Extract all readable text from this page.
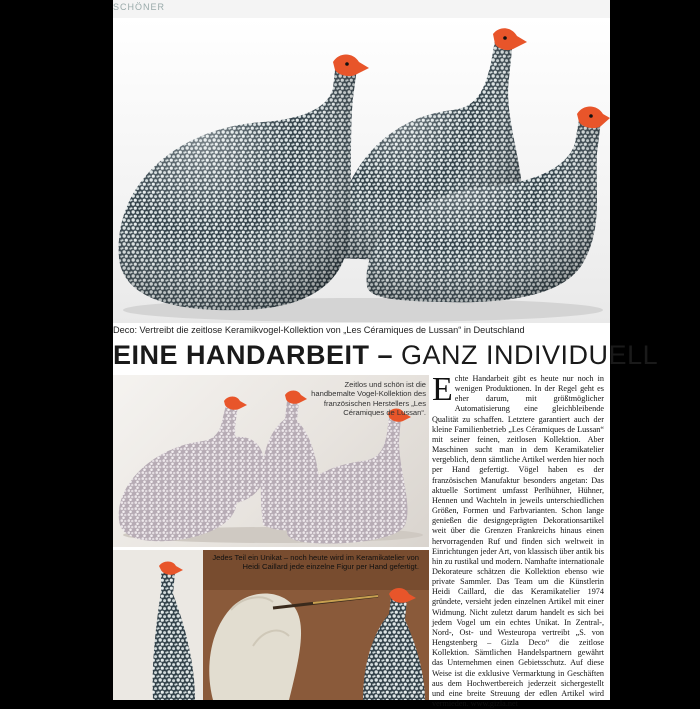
SCHÖNER
Deco: Vertreibt die zeitlose Keramikvogel-Kollektion von „Les Céramiques de Lussan“ in Deutschland
EINE HANDARBEIT – GANZ INDIVIDUELL
Zeitlos und schön ist die handbemalte Vogel-Kollektion des französischen Herstellers „Les Céramiques de Lussan“.
Jedes Teil ein Unikat – noch heute wird im Keramikatelier von Heidi Caillard jede einzelne Figur per Hand gefertigt.
Echte Handarbeit gibt es heute nur noch in wenigen Produktionen. In der Regel geht es eher darum, mit größtmöglicher Automatisierung eine gleichbleibende Qualität zu schaffen. Letztere garantiert auch der kleine Familienbetrieb „Les Céramiques de Lussan“ mit seiner feinen, zeitlosen Kollektion. Aber Maschinen sucht man in dem Keramikatelier vergeblich, denn sämtliche Artikel werden hier noch per Hand gefertigt. Vögel haben es der französischen Manufaktur besonders angetan: Das aktuelle Sortiment umfasst Perlhühner, Hühner, Hennen und Wachteln in jeweils unterschiedlichen Größen, Formen und Farbvarianten. Schon lange genießen die designgeprägten Dekorationsartikel weit über die Grenzen Frankreichs hinaus einen hervorragenden Ruf und finden sich weltweit in Einrichtungen jeder Art, von klassisch über antik bis hin zu rustikal und modern. Namhafte internationale Dekorateure schätzen die Kollektion ebenso wie private Sammler. Das Team um die Künstlerin Heidi Caillard, die das Keramikatelier 1974 gründete, versieht jeden einzelnen Artikel mit einer Widmung. Nicht zuletzt darum handelt es sich bei jedem Vogel um ein echtes Unikat. In Zentral-, Nord-, Ost- und Westeuropa vertreibt „S. von Hengstenberg – Gizla Deco“ die zeitlose Kollektion. Sämtlichen Handelspartnern gewährt das Unternehmen einen Gebietsschutz. Auf diese Weise ist die exklusive Vermarktung in Geschäften aus dem Hochwertbereich jederzeit sichergestellt und eine breite Streuung der edlen Artikel wird vermieden. www.gizla.net
